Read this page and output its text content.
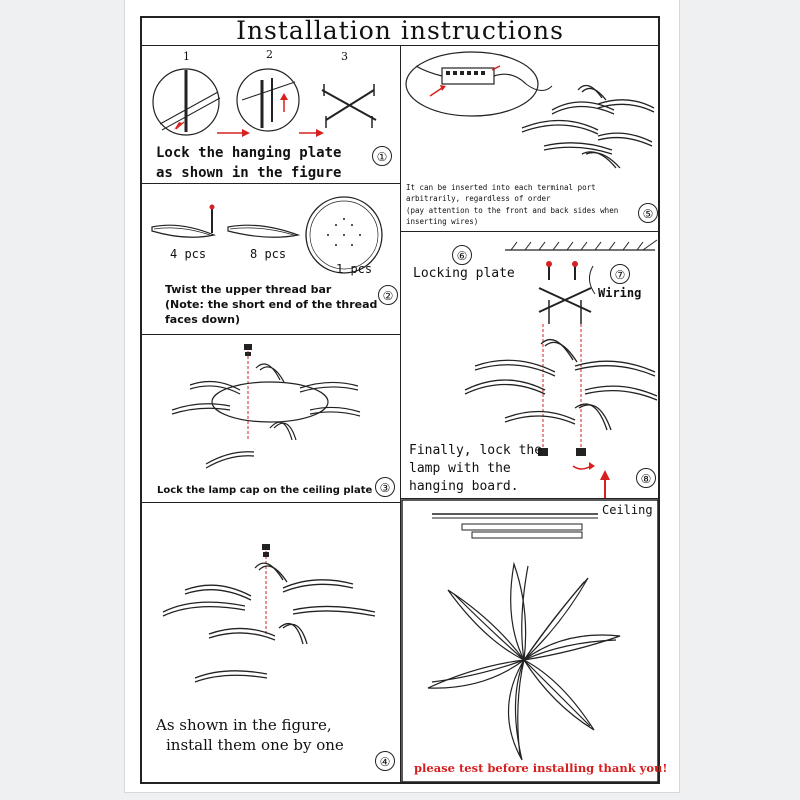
Installation instructions
1	2	3
Lock the hanging plate
as shown in the figure
①
4 pcs	8 pcs
1 pcs
Twist the upper thread bar
(Note: the short end of the thread
faces down)
②
Lock the lamp cap on the ceiling plate ③
As shown in the figure,
install them one by one
④
It can be inserted into each terminal port
arbitrarily, regardless of order
(pay attention to the front and back sides when
inserting wires)
⑤
⑥
⑦
Locking plate
Wiring
Finally, lock the
lamp with the
hanging board.	⑧
Ceiling
please test before installing thank you!
